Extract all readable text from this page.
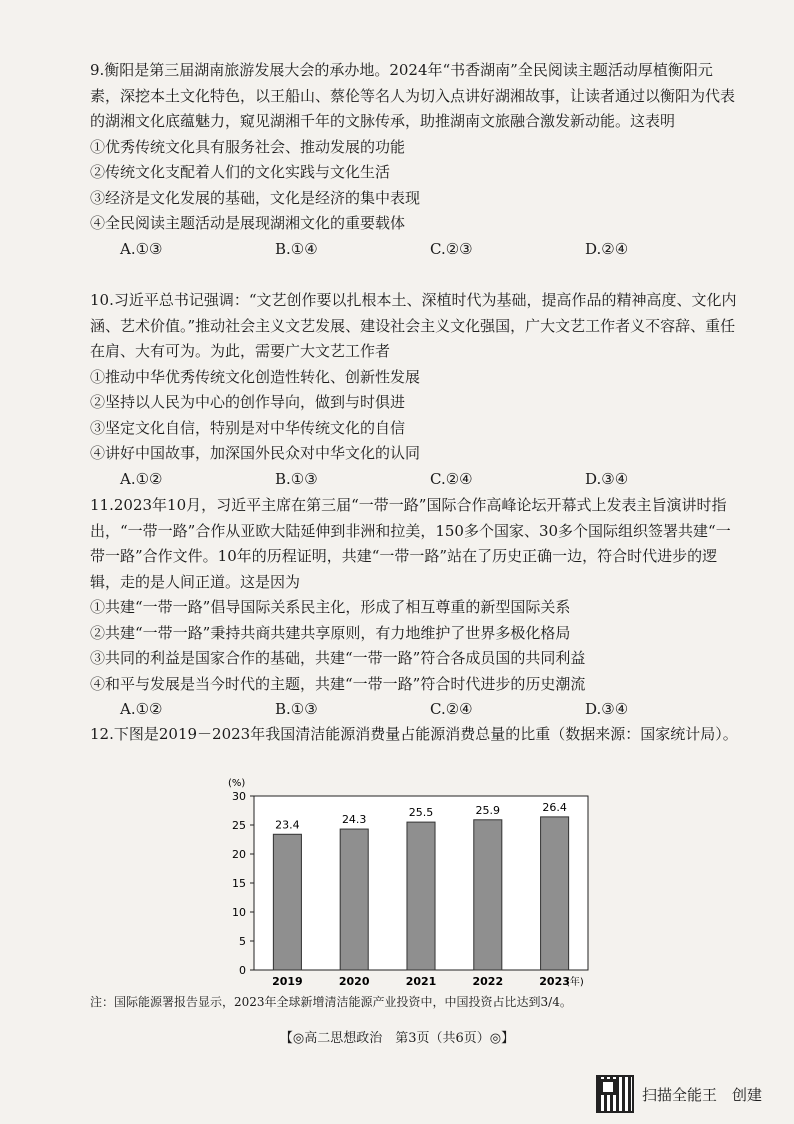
9.衡阳是第三届湖南旅游发展大会的承办地。2024年“书香湖南”全民阅读主题活动厚植衡阳元素，深挖本土文化特色，以王船山、蔡伦等名人为切入点讲好湖湘故事，让读者通过以衡阳为代表的湖湘文化底蕴魅力，窥见湖湘千年的文脉传承，助推湖南文旅融合激发新动能。这表明

①优秀传统文化具有服务社会、推动发展的功能

②传统文化支配着人们的文化实践与文化生活

③经济是文化发展的基础，文化是经济的集中表现

④全民阅读主题活动是展现湖湘文化的重要载体

A.①③	B.①④	C.②③	D.②④

10.习近平总书记强调：“文艺创作要以扎根本土、深植时代为基础，提高作品的精神高度、文化内涵、艺术价值。”推动社会主义文艺发展、建设社会主义文化强国，广大文艺工作者义不容辞、重任在肩、大有可为。为此，需要广大文艺工作者

①推动中华优秀传统文化创造性转化、创新性发展

②坚持以人民为中心的创作导向，做到与时俱进

③坚定文化自信，特别是对中华传统文化的自信

④讲好中国故事，加深国外民众对中华文化的认同

A.①②	B.①③	C.②④	D.③④

11.2023年10月，习近平主席在第三届“一带一路”国际合作高峰论坛开幕式上发表主旨演讲时指出，“一带一路”合作从亚欧大陆延伸到非洲和拉美，150多个国家、30多个国际组织签署共建“一带一路”合作文件。10年的历程证明，共建“一带一路”站在了历史正确一边，符合时代进步的逻辑，走的是人间正道。这是因为

①共建“一带一路”倡导国际关系民主化，形成了相互尊重的新型国际关系

②共建“一带一路”秉持共商共建共享原则，有力地维护了世界多极化格局

③共同的利益是国家合作的基础，共建“一带一路”符合各成员国的共同利益

④和平与发展是当今时代的主题，共建“一带一路”符合时代进步的历史潮流

A.①②	B.①③	C.②④	D.③④

12.下图是2019－2023年我国清洁能源消费量占能源消费总量的比重（数据来源：国家统计局）。

(%)
(年)
0
5
10
15
20
25
30
23.4
2019
24.3
2020
25.5
2021
25.9
2022
26.4
2023
注：国际能源署报告显示，2023年全球新增清洁能源产业投资中，中国投资占比达到3/4。
【◎高二思想政治　第3页（共6页）◎】
扫描全能王　创建
